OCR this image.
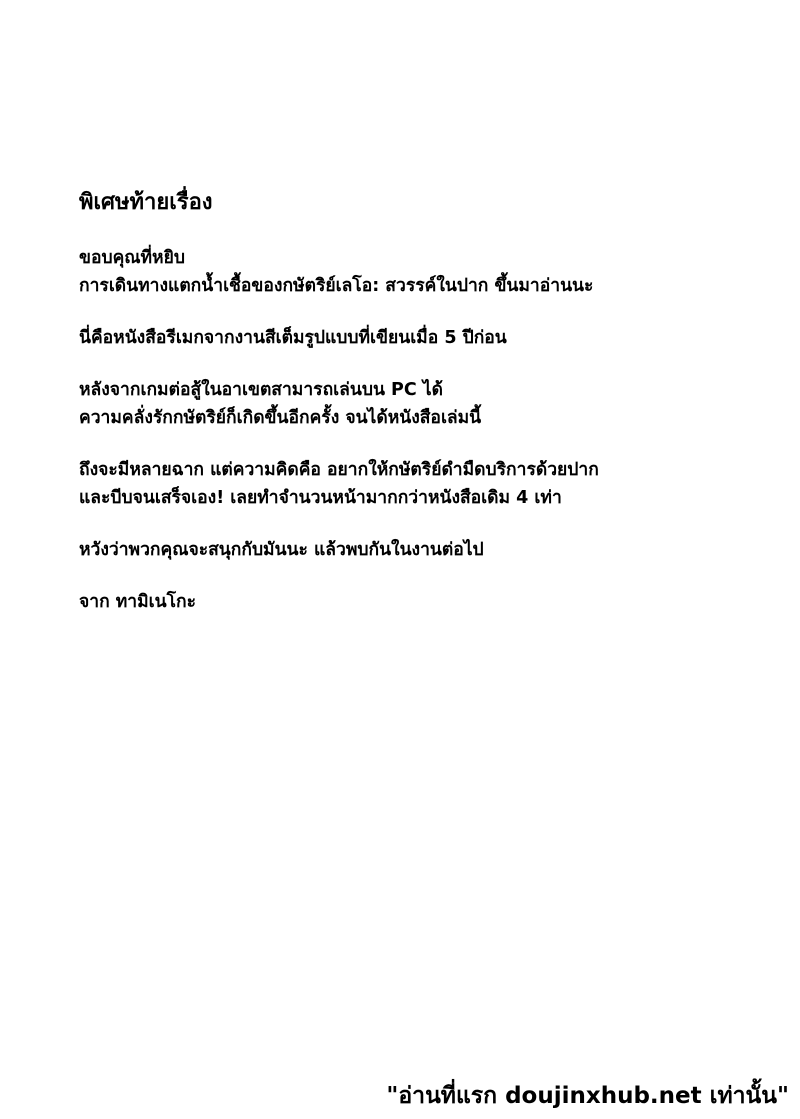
พิเศษท้ายเรื่อง
ขอบคุณที่หยิบ
การเดินทางแตกน้ำเชื้อของกษัตริย์เลโอ: สวรรค์ในปาก ขึ้นมาอ่านนะ
นี่คือหนังสือรีเมกจากงานสีเต็มรูปแบบที่เขียนเมื่อ 5 ปีก่อน
หลังจากเกมต่อสู้ในอาเขตสามารถเล่นบน PC ได้
ความคลั่งรักกษัตริย์ก็เกิดขึ้นอีกครั้ง จนได้หนังสือเล่มนี้
ถึงจะมีหลายฉาก แต่ความคิดคือ อยากให้กษัตริย์ดำมืดบริการด้วยปาก
และบีบจนเสร็จเอง! เลยทำจำนวนหน้ามากกว่าหนังสือเดิม 4 เท่า
หวังว่าพวกคุณจะสนุกกับมันนะ แล้วพบกันในงานต่อไป
จาก ทามิเนโกะ
"อ่านที่แรก doujinxhub.net เท่านั้น"
